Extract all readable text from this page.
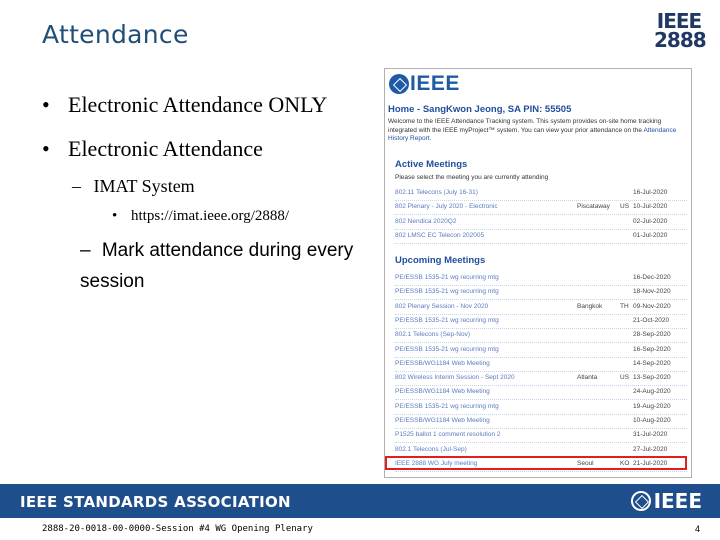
Attendance	IEEE
2888
• Electronic Attendance ONLY
• Electronic Attendance
– IMAT System
• https://imat.ieee.org/2888/
– Mark attendance during every session
IEEE
Home - SangKwon Jeong, SA PIN: 55505
Welcome to the IEEE Attendance Tracking system. This system provides on-site home tracking integrated with the IEEE myProject™ system. You can view your prior attendance on the Attendance History Report.
Active Meetings
Please select the meeting you are currently attending
802.11 Telecons (July 16-31)	16-Jul-2020
802 Plenary - July 2020 - Electronic	Piscataway US 10-Jul-2020
802 Nendica 2020Q2	02-Jul-2020
802 LMSC EC Telecon 202005	01-Jul-2020
Upcoming Meetings
PE/ESSB 1535-21 wg recurring mtg	16-Dec-2020
PE/ESSB 1535-21 wg recurring mtg	18-Nov-2020
802 Plenary Session - Nov 2020	Bangkok	TH 09-Nov-2020
PE/ESSB 1535-21 wg recurring mtg	21-Oct-2020
802.1 Telecons (Sep-Nov)	28-Sep-2020
PE/ESSB 1535-21 wg recurring mtg	16-Sep-2020
PE/ESSB/WG1184 Web Meeting	14-Sep-2020
802 Wireless Interim Session - Sept 2020	Atlanta	US 13-Sep-2020
PE/ESSB/WG1184 Web Meeting	24-Aug-2020
PE/ESSB 1535-21 wg recurring mtg	19-Aug-2020
PE/ESSB/WG1184 Web Meeting	10-Aug-2020
P1525 ballot 1 comment resolution 2	31-Jul-2020
802.1 Telecons (Jul-Sep)	27-Jul-2020
IEEE 2888 WG July meeting	Seoul	KO 21-Jul-2020
IEEE STANDARDS ASSOCIATION	IEEE
2888-20-0018-00-0000-Session #4 WG Opening Plenary	4
